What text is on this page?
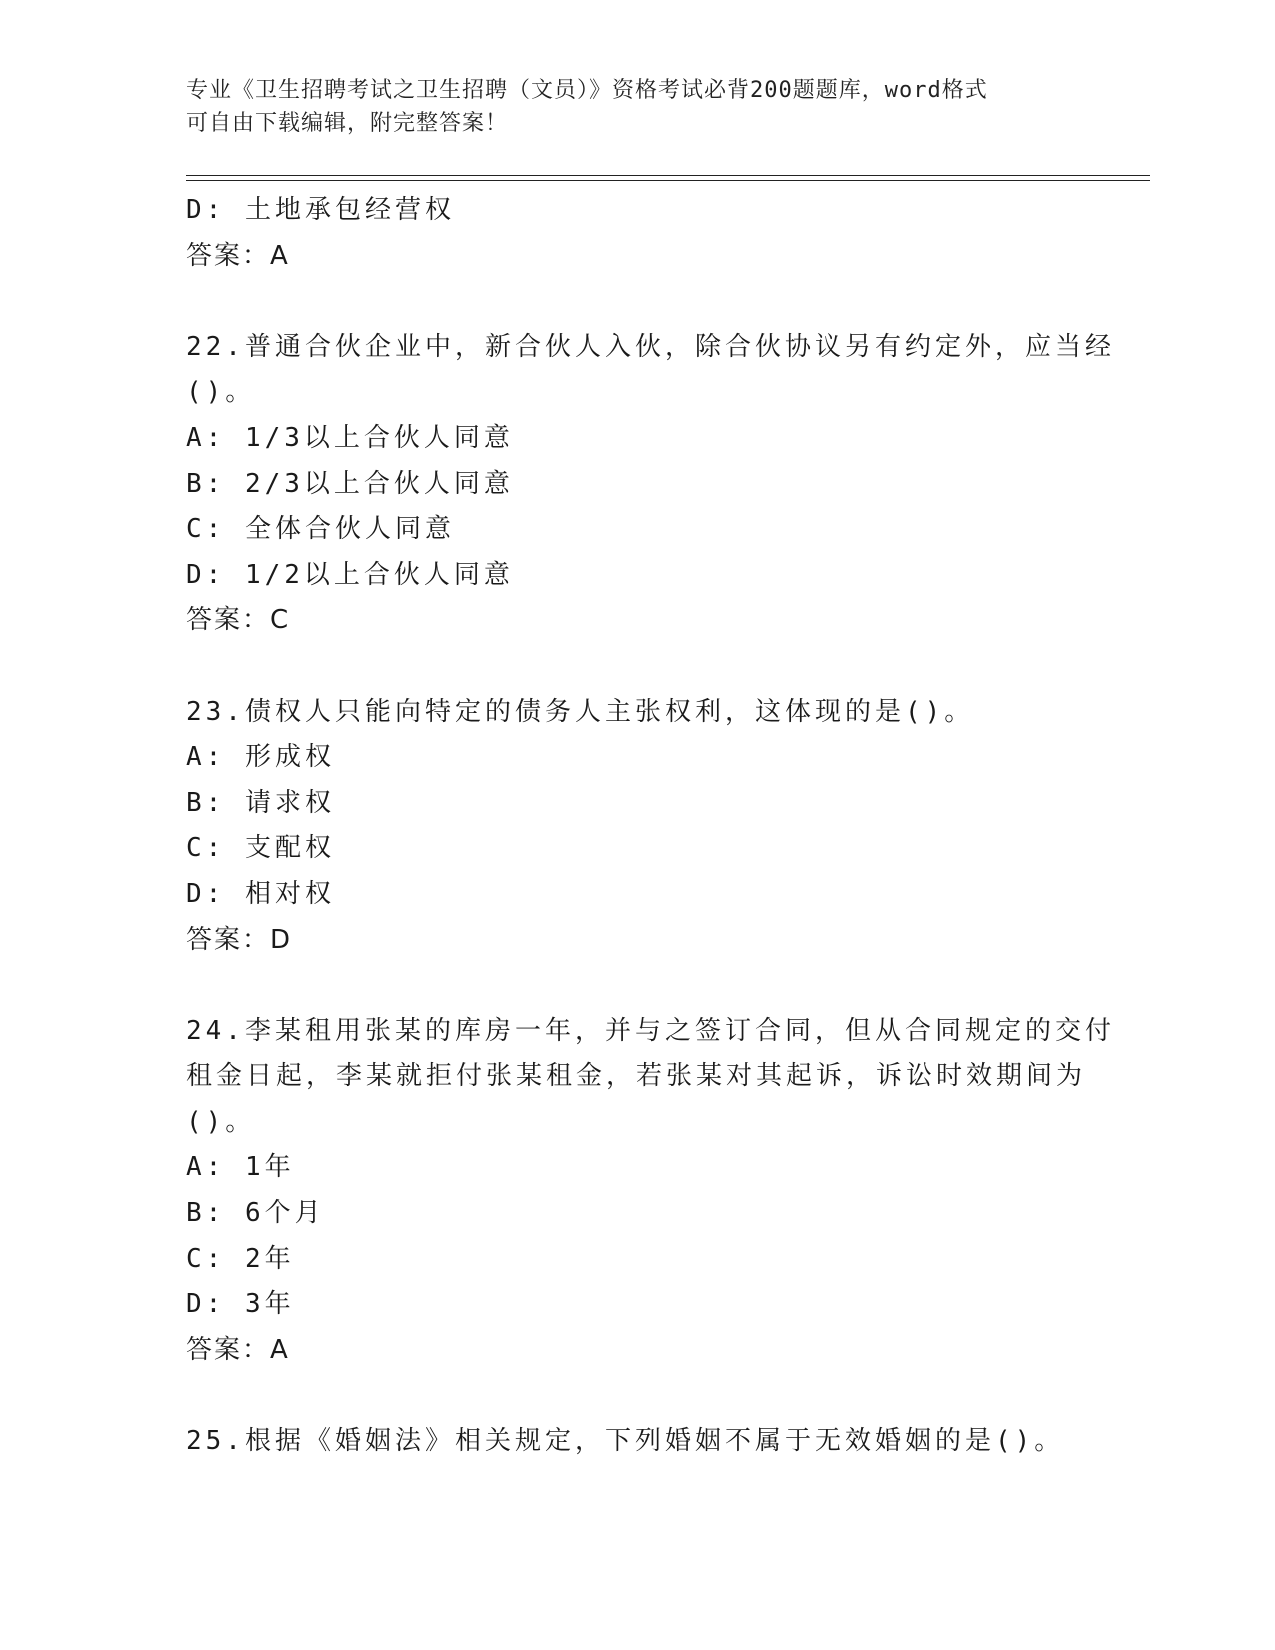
专业《卫生招聘考试之卫生招聘（文员）》资格考试必背200题题库，word格式
可自由下载编辑，附完整答案！
D: 土地承包经营权
答案：A
22.普通合伙企业中，新合伙人入伙，除合伙协议另有约定外，应当经
()。
A: 1/3以上合伙人同意
B: 2/3以上合伙人同意
C: 全体合伙人同意
D: 1/2以上合伙人同意
答案：C
23.债权人只能向特定的债务人主张权利，这体现的是()。
A: 形成权
B: 请求权
C: 支配权
D: 相对权
答案：D
24.李某租用张某的库房一年，并与之签订合同，但从合同规定的交付
租金日起，李某就拒付张某租金，若张某对其起诉，诉讼时效期间为
()。
A: 1年
B: 6个月
C: 2年
D: 3年
答案：A
25.根据《婚姻法》相关规定，下列婚姻不属于无效婚姻的是()。
